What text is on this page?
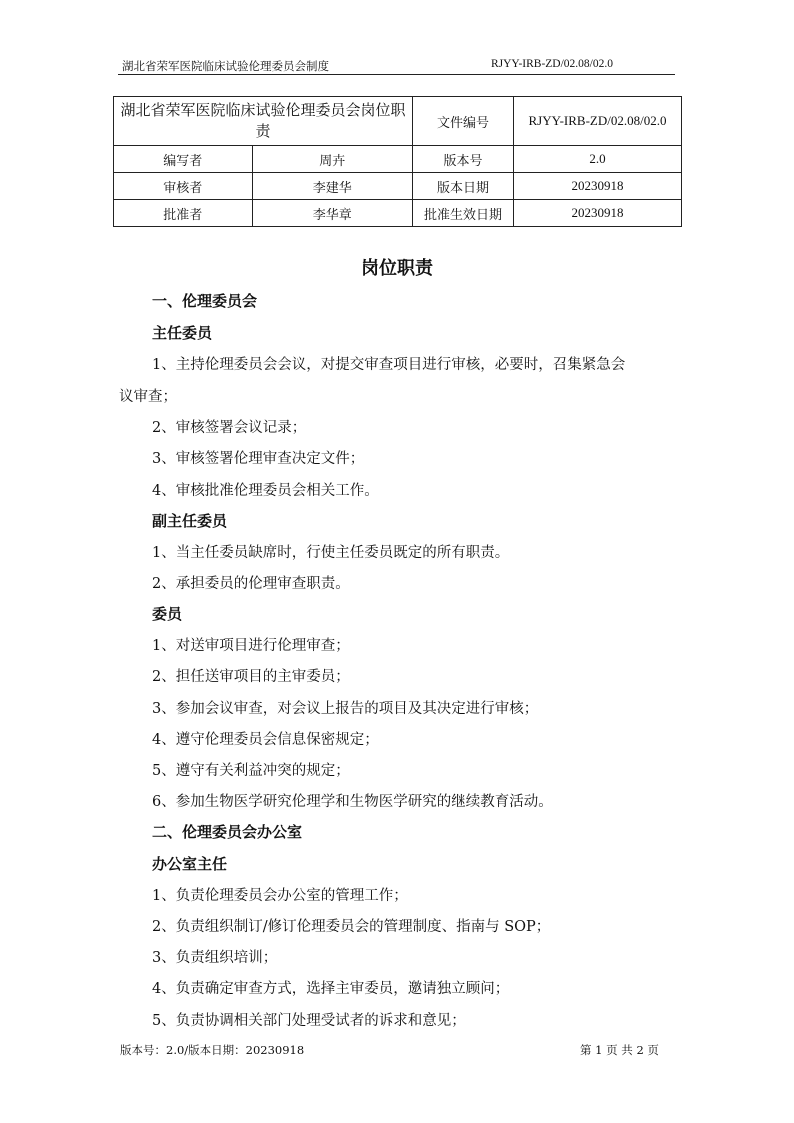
湖北省荣军医院临床试验伦理委员会制度	RJYY-IRB-ZD/02.08/02.0
湖北省荣军医院临床试验伦理委员会岗位职责		文件编号	RJYY-IRB-ZD/02.08/02.0
编写者	周卉	版本号	2.0
审核者	李建华	版本日期	20230918
批准者	李华章	批准生效日期	20230918
岗位职责
一、伦理委员会
主任委员
1、主持伦理委员会会议，对提交审查项目进行审核，必要时，召集紧急会
议审查；
2、审核签署会议记录；
3、审核签署伦理审查决定文件；
4、审核批准伦理委员会相关工作。
副主任委员
1、当主任委员缺席时，行使主任委员既定的所有职责。
2、承担委员的伦理审查职责。
委员
1、对送审项目进行伦理审查；
2、担任送审项目的主审委员；
3、参加会议审查，对会议上报告的项目及其决定进行审核；
4、遵守伦理委员会信息保密规定；
5、遵守有关利益冲突的规定；
6、参加生物医学研究伦理学和生物医学研究的继续教育活动。
二、伦理委员会办公室
办公室主任
1、负责伦理委员会办公室的管理工作；
2、负责组织制订/修订伦理委员会的管理制度、指南与 SOP；
3、负责组织培训；
4、负责确定审查方式，选择主审委员，邀请独立顾问；
5、负责协调相关部门处理受试者的诉求和意见；
版本号：2.0/版本日期：20230918	第 1 页 共 2 页
